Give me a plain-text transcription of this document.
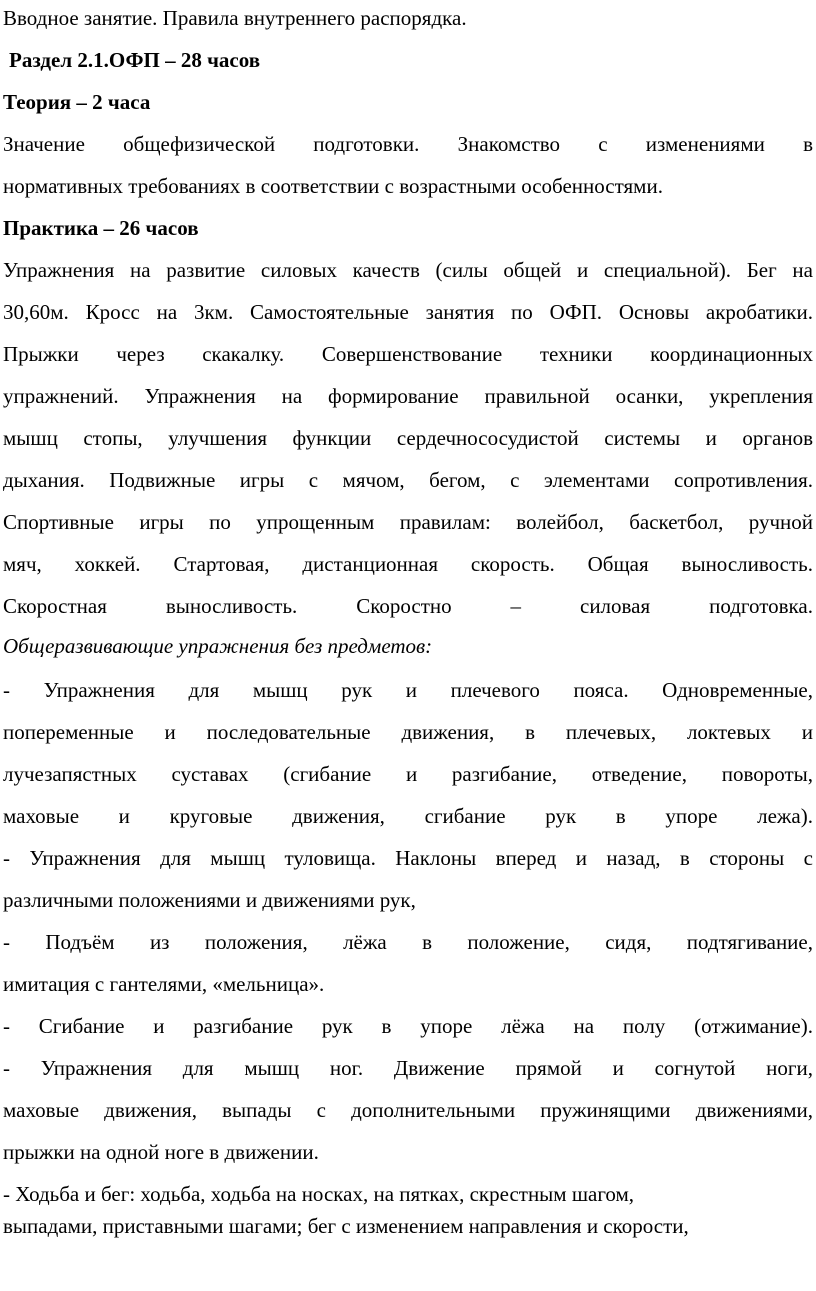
Вводное занятие. Правила внутреннего распорядка.
Раздел 2.1.ОФП – 28 часов
Теория – 2 часа
Значение общефизической подготовки. Знакомство с изменениями в
нормативных требованиях в соответствии с возрастными особенностями.
Практика – 26 часов
Упражнения на развитие силовых качеств (силы общей и специальной). Бег на
30,60м. Кросс на 3км. Самостоятельные занятия по ОФП. Основы акробатики.
Прыжки через скакалку. Совершенствование техники координационных
упражнений. Упражнения на формирование правильной осанки, укрепления
мышц стопы, улучшения функции сердечнососудистой системы и органов
дыхания. Подвижные игры с мячом, бегом, с элементами сопротивления.
Спортивные игры по упрощенным правилам: волейбол, баскетбол, ручной
мяч, хоккей. Стартовая, дистанционная скорость. Общая выносливость.
Скоростная выносливость. Скоростно – силовая подготовка.
Общеразвивающие упражнения без предметов:
- Упражнения для мышц рук и плечевого пояса. Одновременные,
попеременные и последовательные движения, в плечевых, локтевых и
лучезапястных суставах (сгибание и разгибание, отведение, повороты,
маховые и круговые движения, сгибание рук в упоре лежа).
- Упражнения для мышц туловища. Наклоны вперед и назад, в стороны с
различными положениями и движениями рук,
- Подъём из положения, лёжа в положение, сидя, подтягивание,
имитация с гантелями, «мельница».
- Сгибание и разгибание рук в упоре лёжа на полу (отжимание).
- Упражнения для мышц ног. Движение прямой и согнутой ноги,
маховые движения, выпады с дополнительными пружинящими движениями,
прыжки на одной ноге в движении.
- Ходьба и бег: ходьба, ходьба на носках, на пятках, скрестным шагом,
выпадами, приставными шагами; бег с изменением направления и скорости,
